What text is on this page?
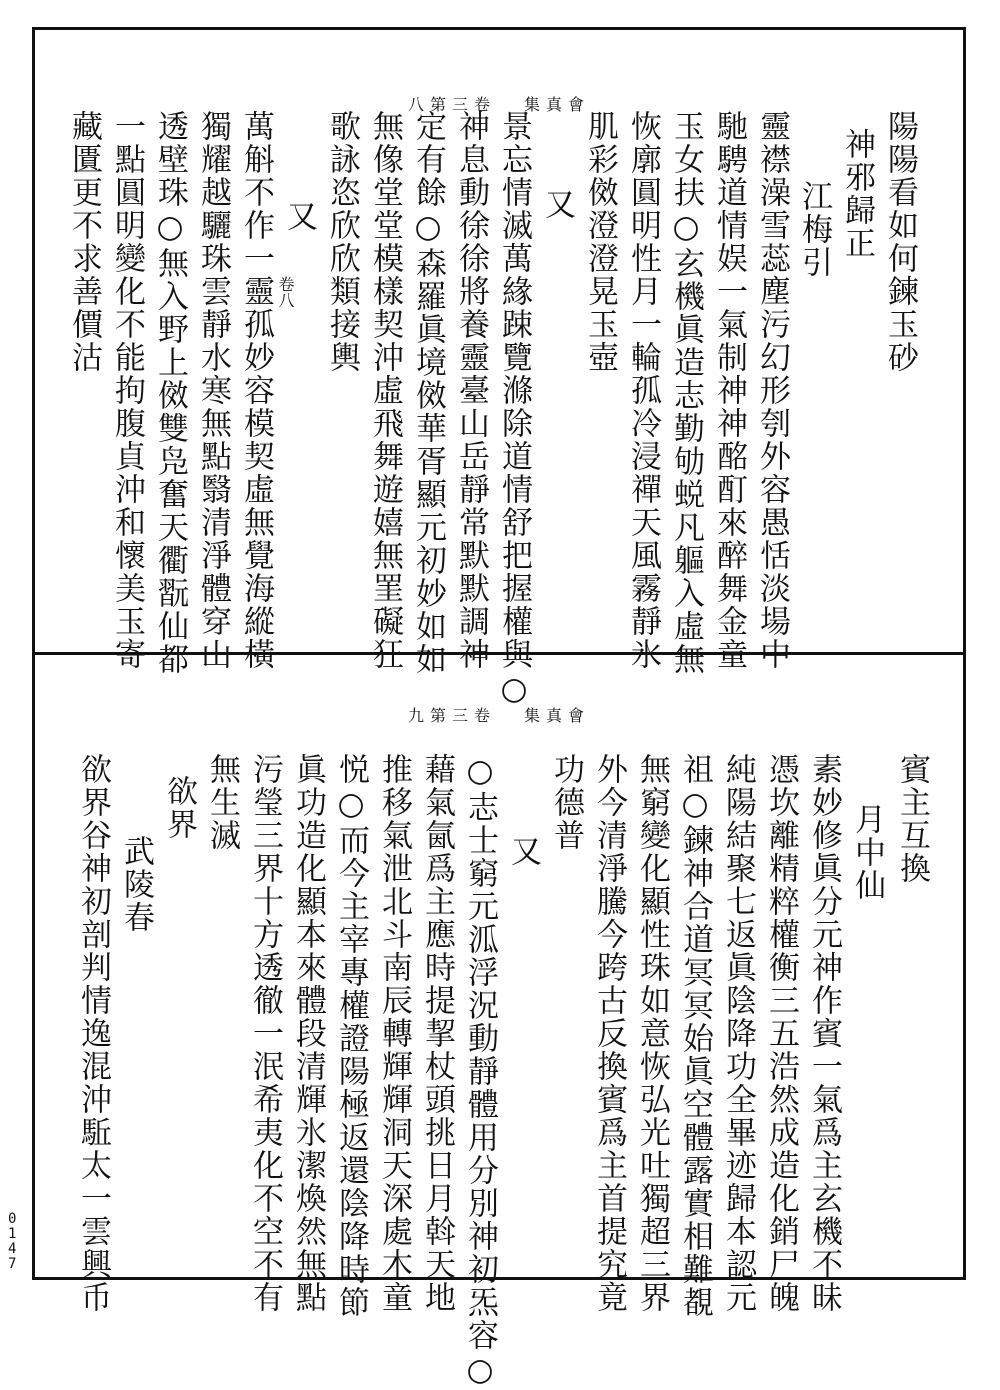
卷三第八 會真集
卷八	陽陽看如何鍊玉砂
神邪歸正
江梅引
靈襟澡雪蕊塵污幻形刳外容愚恬淡場中
馳騁道情娱一氣制神神酩酊來醉舞金童
玉女扶○玄機眞造志勤劬蜕凡軀入虛無
恢廓圓明性月一輪孤冷浸禪天風霧靜氷
肌彩傚澄澄晃玉壺
又
景忘情滅萬緣踈覽滌除道情舒把握權與○
神息動徐徐將養靈臺山岳靜常默默調神
定有餘○森羅眞境傚華胥顯元初妙如如
無像堂堂模樣契沖虛飛舞遊嬉無罣礙狂
歌詠恣欣欣類接輿
又
萬斛不作一靈孤妙容模契虛無覺海縱橫
獨耀越驪珠雲靜水寒無點翳清淨體穿山
透壁珠○無入野上傚雙凫奮天衢翫仙都
一點圓明變化不能拘腹貞沖和懷美玉寄
藏匱更不求善價沽
卷三第九 會真集
賓主互換
月中仙
素妙修眞分元神作賓一氣爲主玄機不昧
憑坎離精粹權衡三五浩然成造化銷尸魄
純陽結聚七返眞陰降功全畢迹歸本認元
祖○鍊神合道冥冥始眞空體露實相難覩
無窮變化顯性珠如意恢弘光吐獨超三界
外今清淨騰今跨古反換賓爲主首提究竟
功德普
又
○志士窮元泒浮況動靜體用分別神初炁容○
藉氣氤爲主應時提挈杖頭挑日月斡天地
推移氣泄北斗南辰轉輝輝洞天深處木童
悦○而今主宰專權證陽極返還陰降時節
眞功造化顯本來體段清輝氷潔煥然無點
污瑩三界十方透徹一泯希夷化不空不有
無生滅
欲界
武陵春
欲界谷神初剖判情逸混沖駈太一雲興币
0147
